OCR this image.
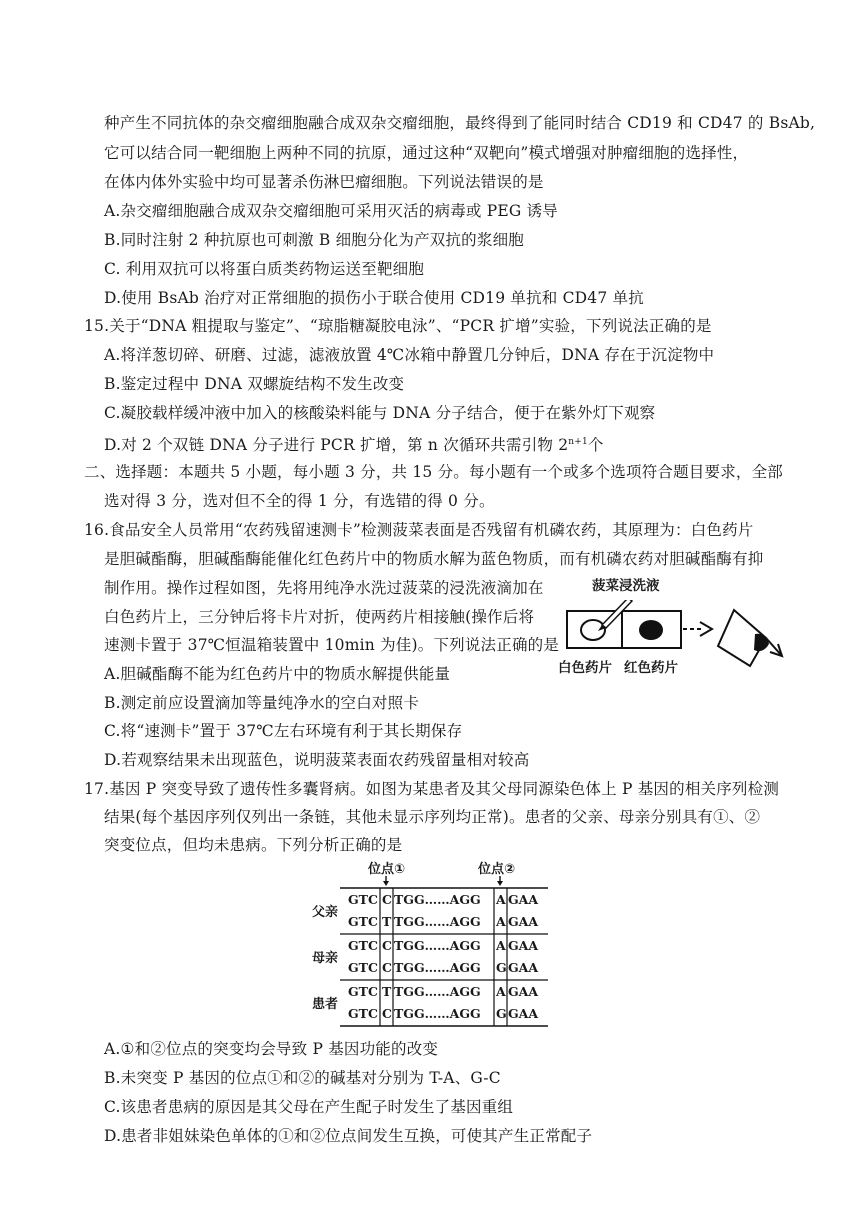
种产生不同抗体的杂交瘤细胞融合成双杂交瘤细胞，最终得到了能同时结合 CD19 和 CD47 的 BsAb,
它可以结合同一靶细胞上两种不同的抗原，通过这种“双靶向”模式增强对肿瘤细胞的选择性，
在体内体外实验中均可显著杀伤淋巴瘤细胞。下列说法错误的是
A.杂交瘤细胞融合成双杂交瘤细胞可采用灭活的病毒或 PEG 诱导
B.同时注射 2 种抗原也可刺激 B 细胞分化为产双抗的浆细胞
C. 利用双抗可以将蛋白质类药物运送至靶细胞
D.使用 BsAb 治疗对正常细胞的损伤小于联合使用 CD19 单抗和 CD47 单抗
15.关于“DNA 粗提取与鉴定”、“琼脂糖凝胶电泳”、“PCR 扩增”实验，下列说法正确的是
A.将洋葱切碎、研磨、过滤，滤液放置 4℃冰箱中静置几分钟后，DNA 存在于沉淀物中
B.鉴定过程中 DNA 双螺旋结构不发生改变
C.凝胶载样缓冲液中加入的核酸染料能与 DNA 分子结合，便于在紫外灯下观察
D.对 2 个双链 DNA 分子进行 PCR 扩增，第 n 次循环共需引物 $2^{n+1}$个
二、选择题：本题共 5 小题，每小题 3 分，共 15 分。每小题有一个或多个选项符合题目要求，全部
选对得 3 分，选对但不全的得 1 分，有选错的得 0 分。
16.食品安全人员常用“农药残留速测卡”检测菠菜表面是否残留有机磷农药，其原理为：白色药片
是胆碱酯酶，胆碱酯酶能催化红色药片中的物质水解为蓝色物质，而有机磷农药对胆碱酯酶有抑
制作用。操作过程如图，先将用纯净水洗过菠菜的浸洗液滴加在
白色药片上，三分钟后将卡片对折，使两药片相接触(操作后将
速测卡置于 37℃恒温箱装置中 10min 为佳)。下列说法正确的是
A.胆碱酯酶不能为红色药片中的物质水解提供能量
B.测定前应设置滴加等量纯净水的空白对照卡
C.将“速测卡”置于 37℃左右环境有利于其长期保存
D.若观察结果未出现蓝色，说明菠菜表面农药残留量相对较高
菠菜浸洗液
白色药片 红色药片
17.基因 P 突变导致了遗传性多囊肾病。如图为某患者及其父母同源染色体上 P 基因的相关序列检测
结果(每个基因序列仅列出一条链，其他未显示序列均正常)。患者的父亲、母亲分别具有①、②
突变位点，但均未患病。下列分析正确的是
位点①	位点②
父亲
母亲
患者
GTC C TGG……AGG A GAA
GTC T TGG……AGG A GAA
GTC C TGG……AGG A GAA
GTC C TGG……AGG G GAA
GTC T TGG……AGG A GAA
GTC C TGG……AGG G GAA
A.①和②位点的突变均会导致 P 基因功能的改变
B.未突变 P 基因的位点①和②的碱基对分别为 T-A、G-C
C.该患者患病的原因是其父母在产生配子时发生了基因重组
D.患者非姐妹染色单体的①和②位点间发生互换，可使其产生正常配子
